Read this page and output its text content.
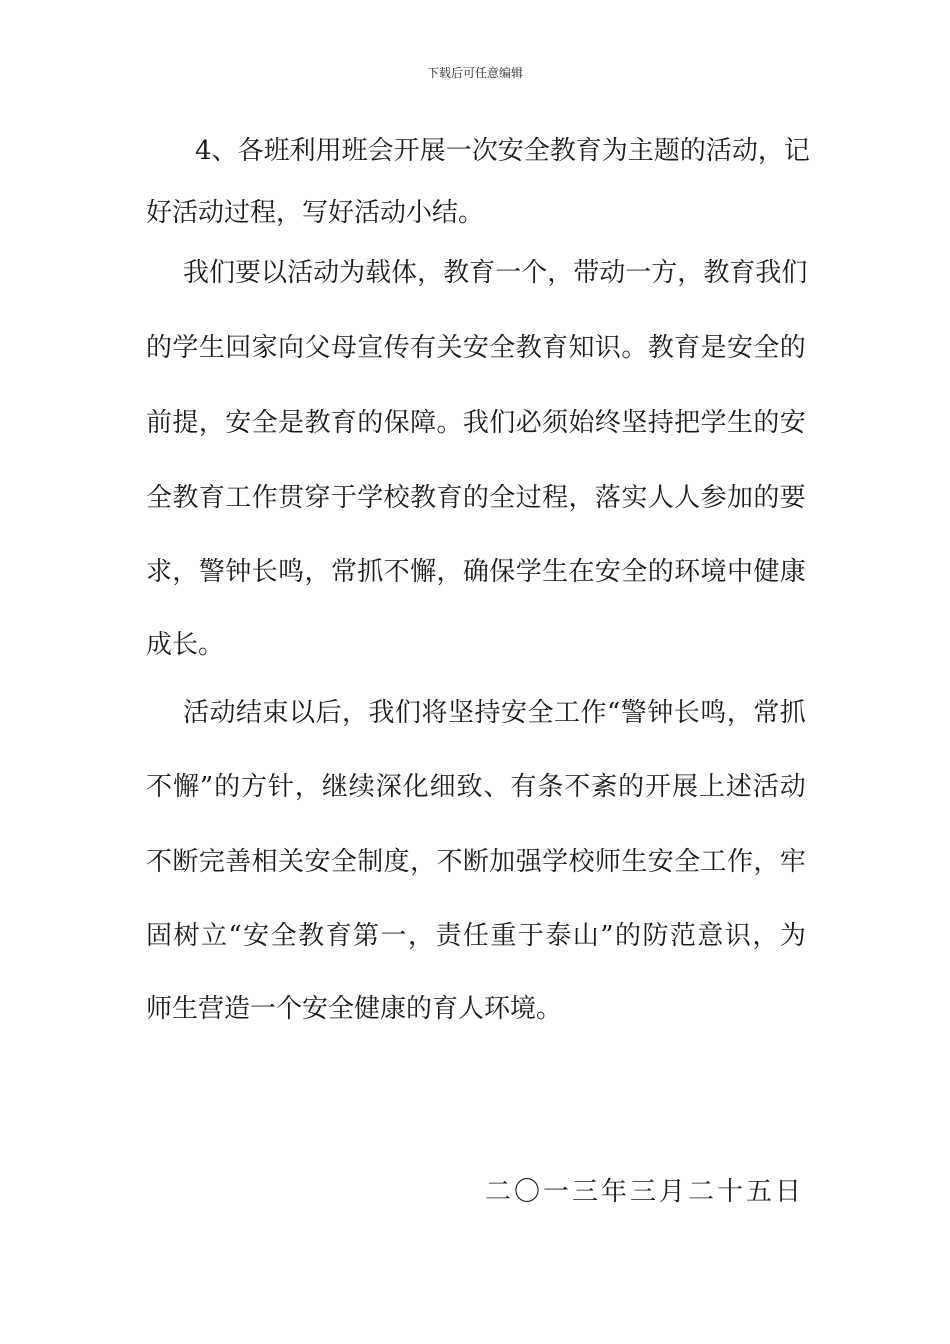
下载后可任意编辑
4 、 各 班 利 用 班 会 开 展 一 次 安 全 教 育 为 主 题 的 活 动 ， 记
好活动过程，写好活动小结。
我 们 要 以 活 动 为 载 体 ， 教 育 一 个 ， 带 动 一 方 ， 教 育 我 们
的 学 生 回 家 向 父 母 宣 传 有 关 安 全 教 育 知 识 。 教 育 是 安 全 的
前 提 ， 安 全 是 教 育 的 保 障 。 我 们 必 须 始 终 坚 持 把 学 生 的 安
全 教 育 工 作 贯 穿 于 学 校 教 育 的 全 过 程 ， 落 实 人 人 参 加 的 要
求 ， 警 钟 长 鸣 ， 常 抓 不 懈 ， 确 保 学 生 在 安 全 的 环 境 中 健 康
成长。
活 动 结 束 以 后 ， 我 们 将 坚 持 安 全 工 作 “ 警 钟 长 鸣 ， 常 抓
不 懈 ” 的 方 针 ， 继 续 深 化 细 致 、 有 条 不 紊 的 开 展 上 述 活 动
不 断 完 善 相 关 安 全 制 度 ， 不 断 加 强 学 校 师 生 安 全 工 作 ， 牢
固 树 立 “ 安 全 教 育 第 一 ， 责 任 重 于 泰 山 ” 的 防 范 意 识 ， 为
师生营造一个安全健康的育人环境。
二〇一三年三月二十五日
